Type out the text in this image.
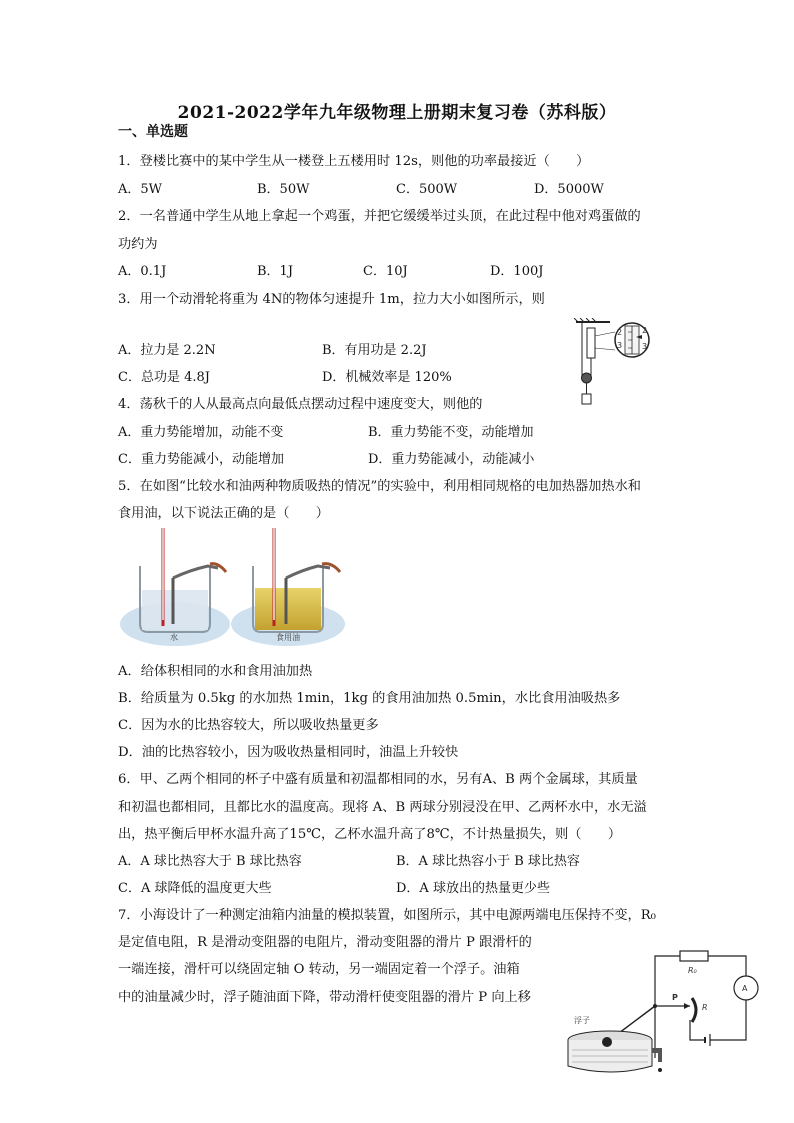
2021-2022学年九年级物理上册期末复习卷（苏科版）
一、单选题
1．登楼比赛中的某中学生从一楼登上五楼用时 12s，则他的功率最接近（　　）
A．5W	B．50W	C．500W	D．5000W
2．一名普通中学生从地上拿起一个鸡蛋，并把它缓缓举过头顶，在此过程中他对鸡蛋做的
功约为
A．0.1J	B．1J	C．10J	D．100J
3．用一个动滑轮将重为 4N的物体匀速提升 1m，拉力大小如图所示，则
A．拉力是 2.2N	B．有用功是 2.2J
C．总功是 4.8J	D．机械效率是 120%
2
3
2
3
4．荡秋千的人从最高点向最低点摆动过程中速度变大，则他的
A．重力势能增加，动能不变	B．重力势能不变，动能增加
C．重力势能减小，动能增加	D．重力势能减小，动能减小
5．在如图“比较水和油两种物质吸热的情况”的实验中，利用相同规格的电加热器加热水和
食用油，以下说法正确的是（　　）
水	食用油
A．给体积相同的水和食用油加热
B．给质量为 0.5kg 的水加热 1min，1kg 的食用油加热 0.5min，水比食用油吸热多
C．因为水的比热容较大，所以吸收热量更多
D．油的比热容较小，因为吸收热量相同时，油温上升较快
6．甲、乙两个相同的杯子中盛有质量和初温都相同的水，另有A、B 两个金属球，其质量
和初温也都相同，且都比水的温度高。现将 A、B 两球分别浸没在甲、乙两杯水中，水无溢
出，热平衡后甲杯水温升高了15℃，乙杯水温升高了8℃，不计热量损失，则（　　）
A．A 球比热容大于 B 球比热容	B．A 球比热容小于 B 球比热容
C．A 球降低的温度更大些	D．A 球放出的热量更少些
7．小海设计了一种测定油箱内油量的模拟装置，如图所示，其中电源两端电压保持不变，R₀
是定值电阻，R 是滑动变阻器的电阻片，滑动变阻器的滑片 P 跟滑杆的
一端连接，滑杆可以绕固定轴 O 转动，另一端固定着一个浮子。油箱
中的油量减少时，浮子随油面下降，带动滑杆使变阻器的滑片 P 向上移
R₀
A
R
P
浮子
